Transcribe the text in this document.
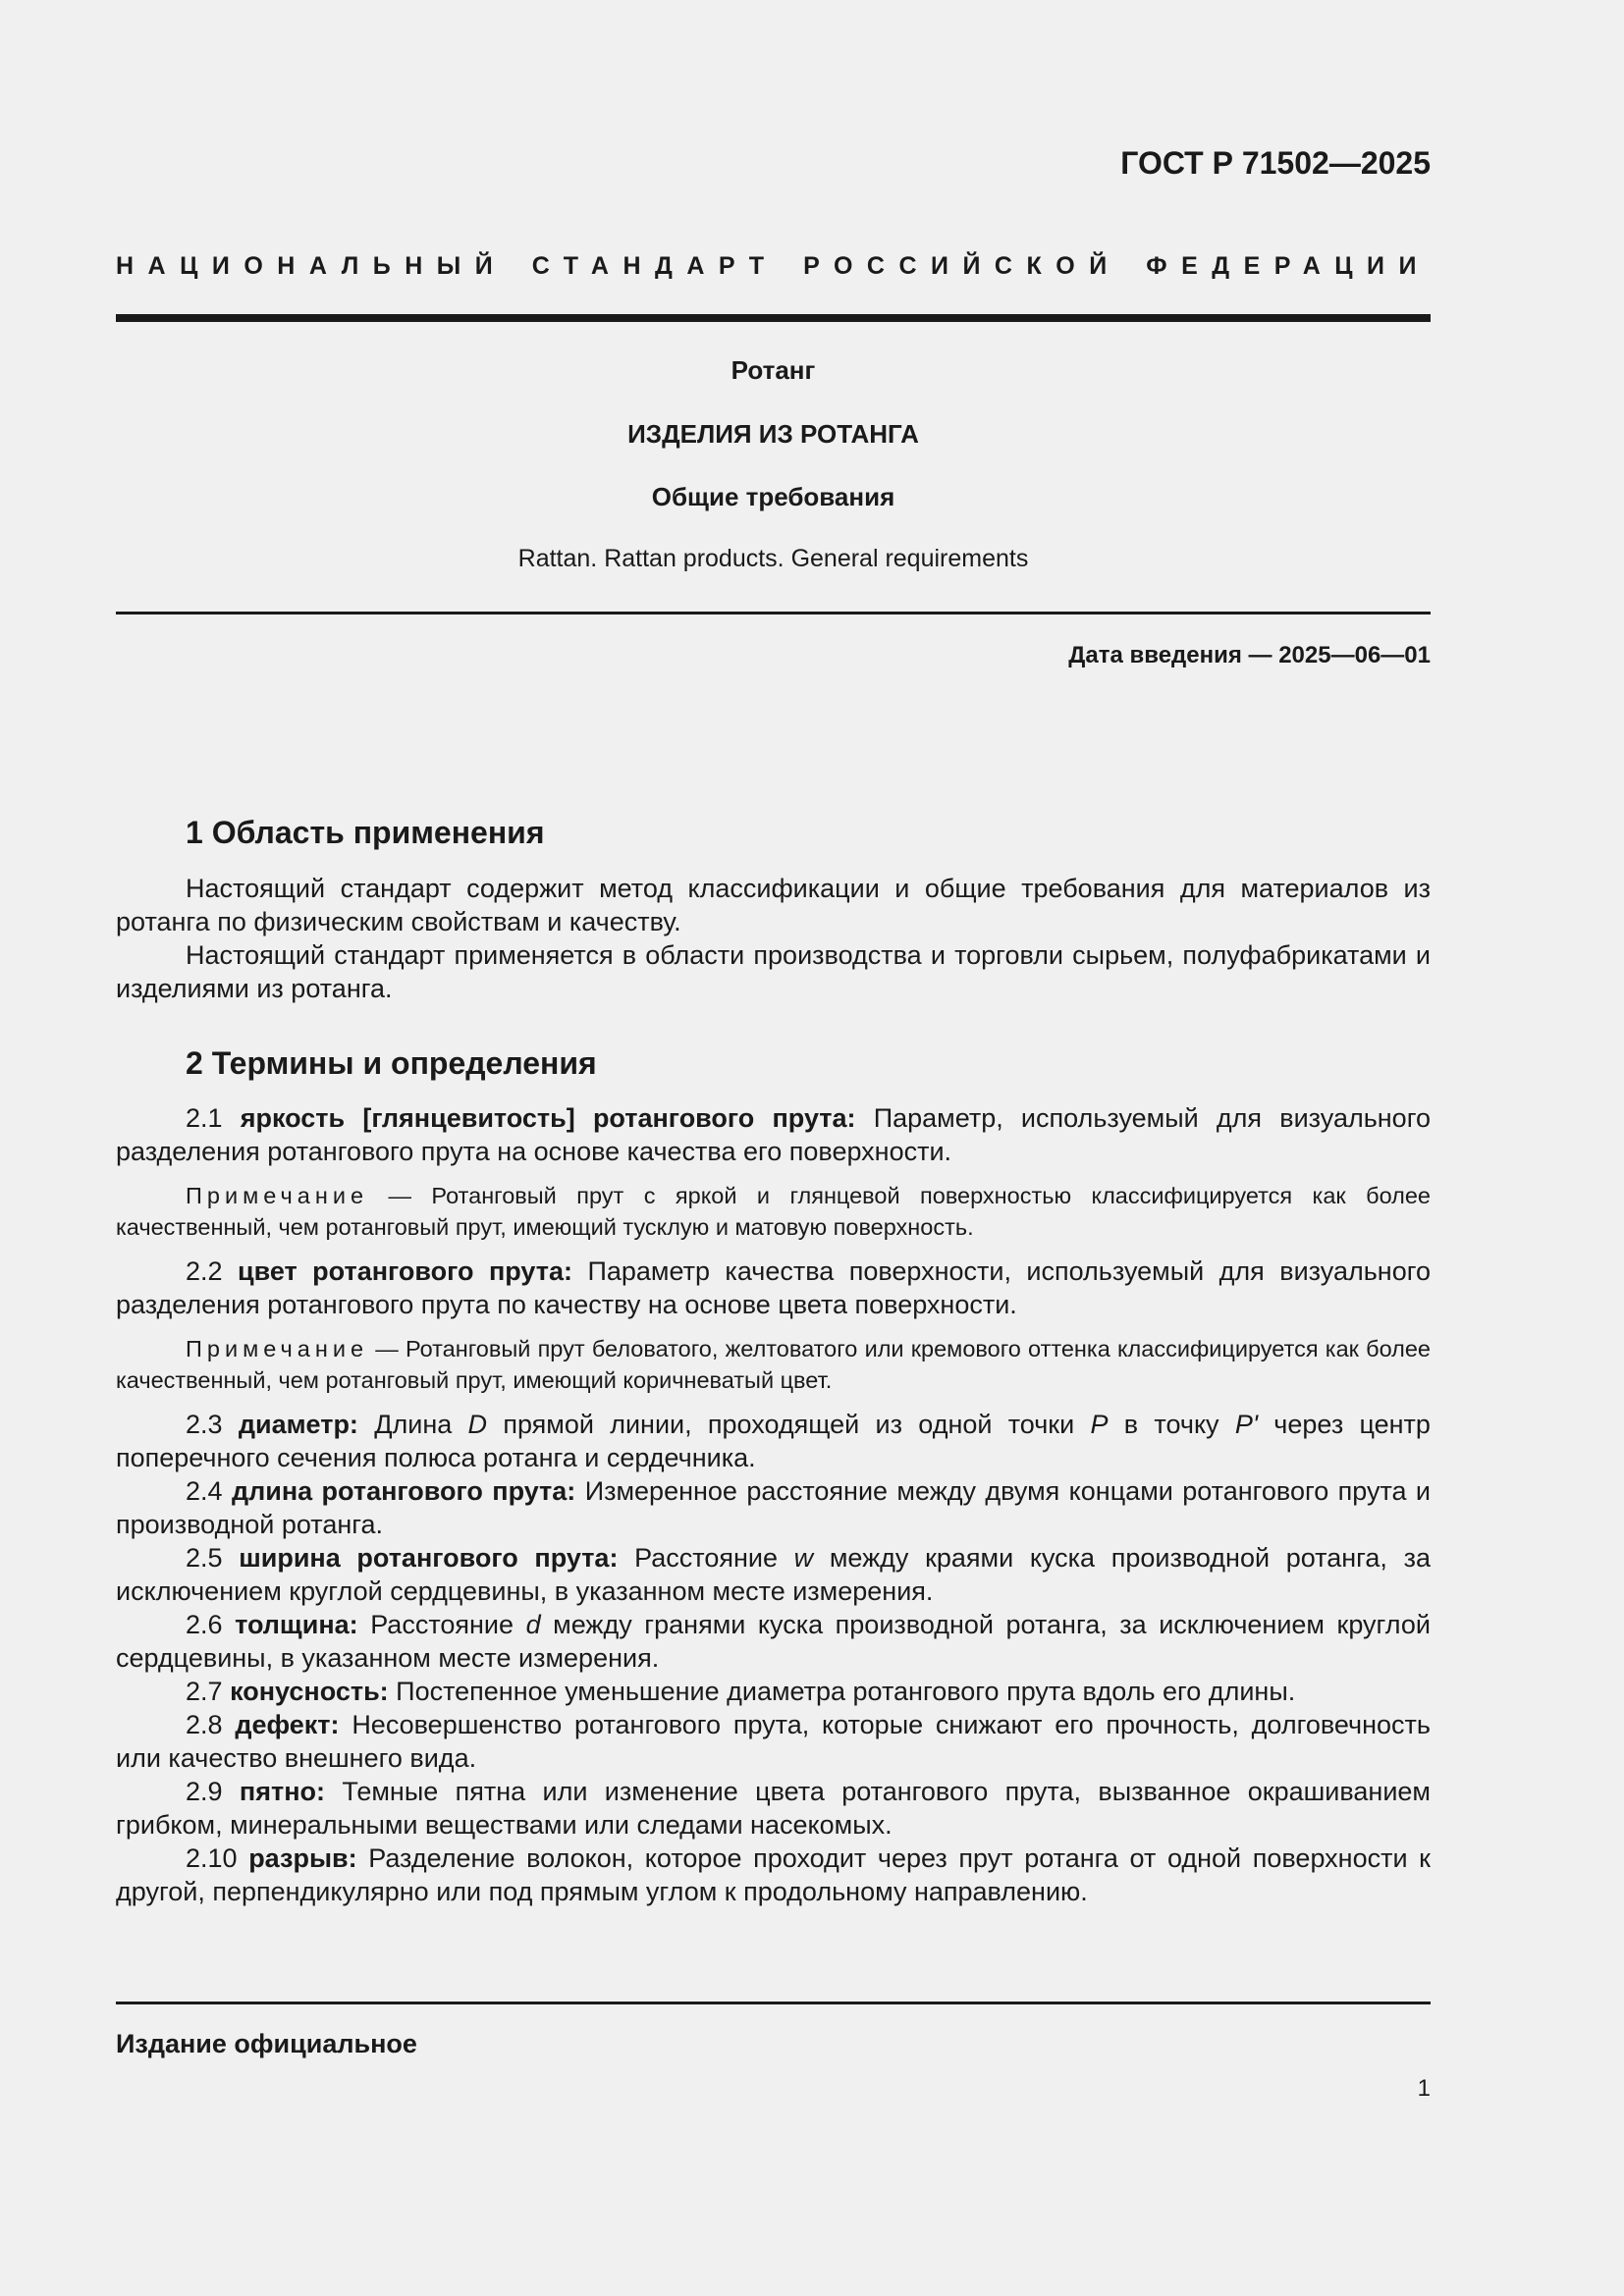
ГОСТ Р 71502—2025
НАЦИОНАЛЬНЫЙ СТАНДАРТ РОССИЙСКОЙ ФЕДЕРАЦИИ
Ротанг
ИЗДЕЛИЯ ИЗ РОТАНГА
Общие требования
Rattan. Rattan products. General requirements
Дата введения — 2025—06—01
1 Область применения

Настоящий стандарт содержит метод классификации и общие требования для материалов из ротанга по физическим свойствам и качеству.

Настоящий стандарт применяется в области производства и торговли сырьем, полуфабрикатами и изделиями из ротанга.

2 Термины и определения

2.1 яркость [глянцевитость] ротангового прута: Параметр, используемый для визуального разделения ротангового прута на основе качества его поверхности.

Примечание — Ротанговый прут с яркой и глянцевой поверхностью классифицируется как более качественный, чем ротанговый прут, имеющий тусклую и матовую поверхность.

2.2 цвет ротангового прута: Параметр качества поверхности, используемый для визуального разделения ротангового прута по качеству на основе цвета поверхности.

Примечание — Ротанговый прут беловатого, желтоватого или кремового оттенка классифицируется как более качественный, чем ротанговый прут, имеющий коричневатый цвет.

2.3 диаметр: Длина D прямой линии, проходящей из одной точки P в точку P' через центр поперечного сечения полюса ротанга и сердечника.

2.4 длина ротангового прута: Измеренное расстояние между двумя концами ротангового прута и производной ротанга.

2.5 ширина ротангового прута: Расстояние w между краями куска производной ротанга, за исключением круглой сердцевины, в указанном месте измерения.

2.6 толщина: Расстояние d между гранями куска производной ротанга, за исключением круглой сердцевины, в указанном месте измерения.

2.7 конусность: Постепенное уменьшение диаметра ротангового прута вдоль его длины.

2.8 дефект: Несовершенство ротангового прута, которые снижают его прочность, долговечность или качество внешнего вида.

2.9 пятно: Темные пятна или изменение цвета ротангового прута, вызванное окрашиванием грибком, минеральными веществами или следами насекомых.

2.10 разрыв: Разделение волокон, которое проходит через прут ротанга от одной поверхности к другой, перпендикулярно или под прямым углом к продольному направлению.

Издание официальное
1
